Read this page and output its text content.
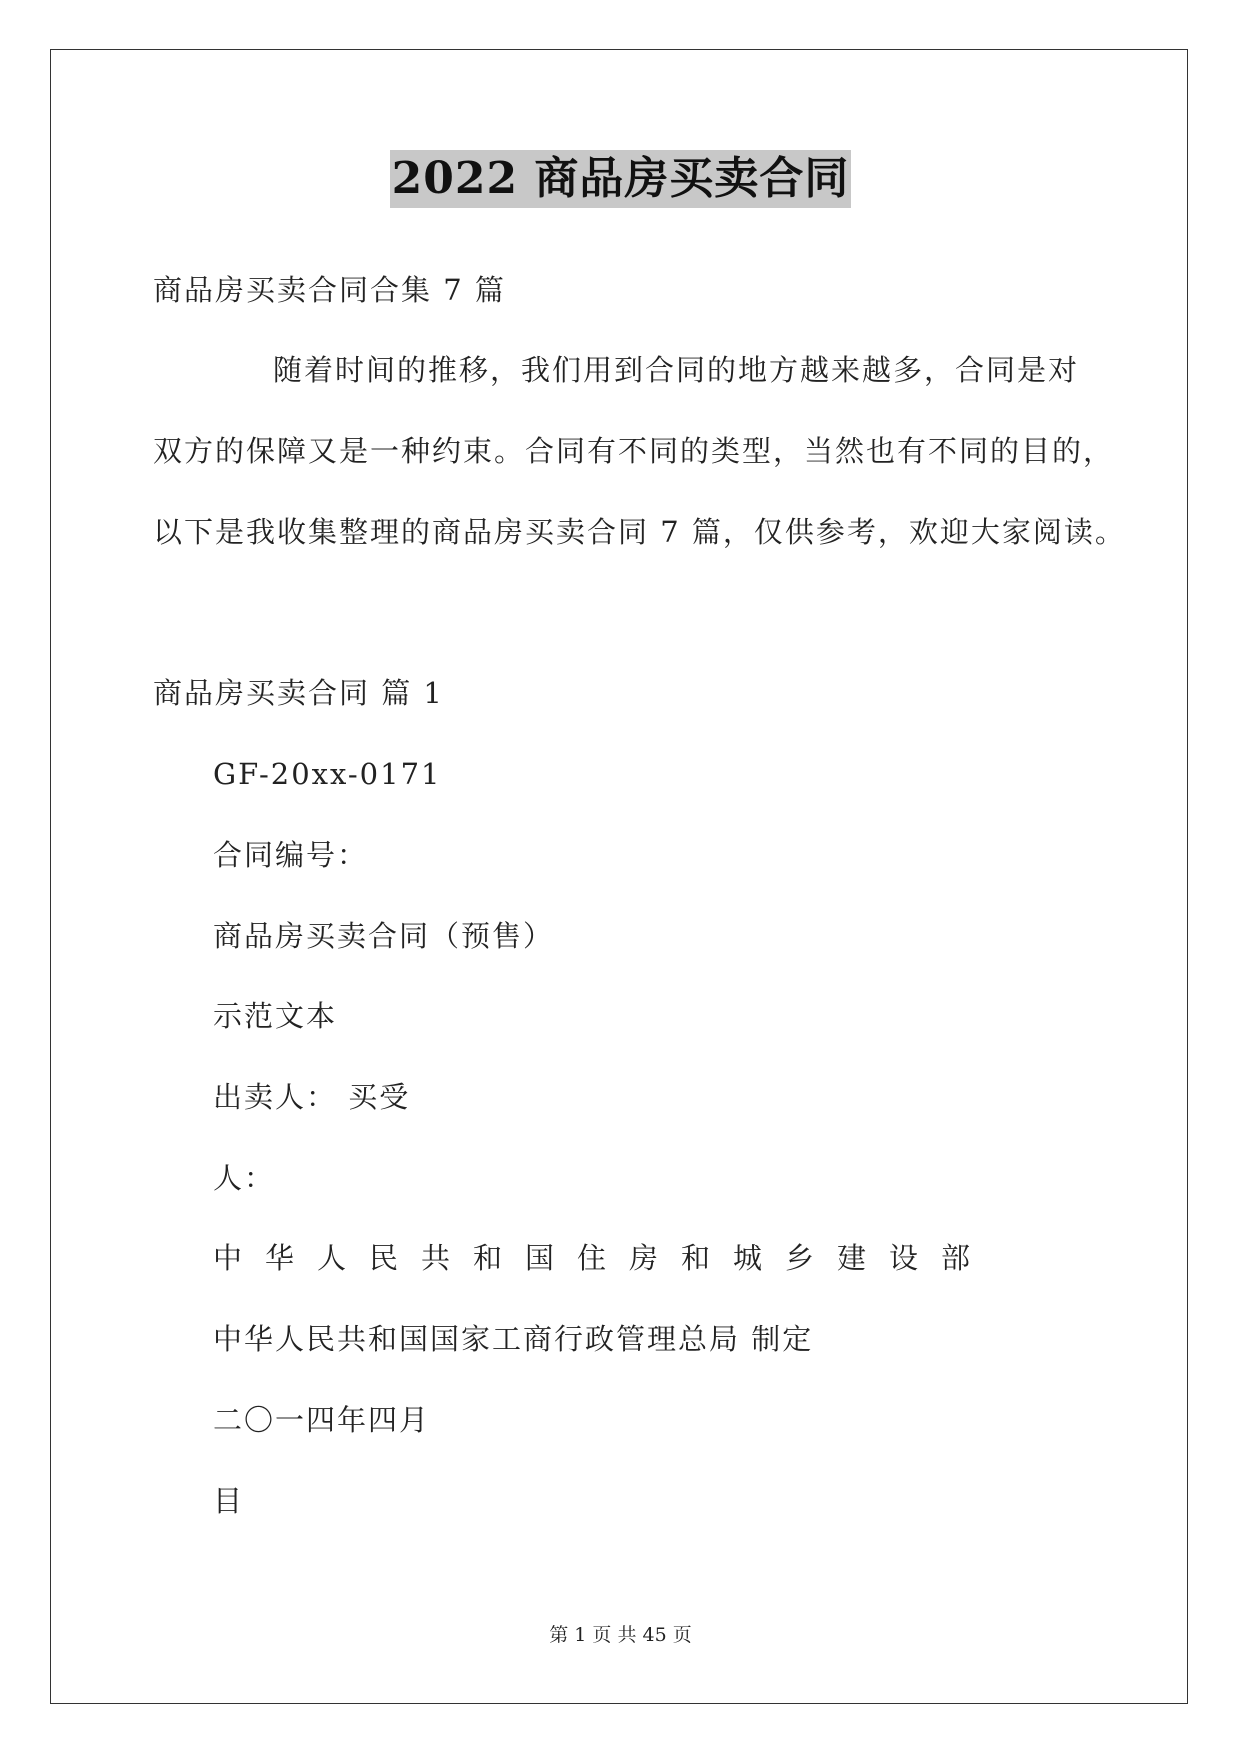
2022 商品房买卖合同
商品房买卖合同合集 7 篇
随着时间的推移，我们用到合同的地方越来越多，合同是对
双方的保障又是一种约束。合同有不同的类型，当然也有不同的目的，
以下是我收集整理的商品房买卖合同 7 篇，仅供参考，欢迎大家阅读。
商品房买卖合同 篇 1
GF-20xx-0171
合同编号：
商品房买卖合同（预售）
示范文本
出卖人： 买受
人：
中华人民共和国住房和城乡建设部
中华人民共和国国家工商行政管理总局 制定
二〇一四年四月
目
第 1 页 共 45 页
